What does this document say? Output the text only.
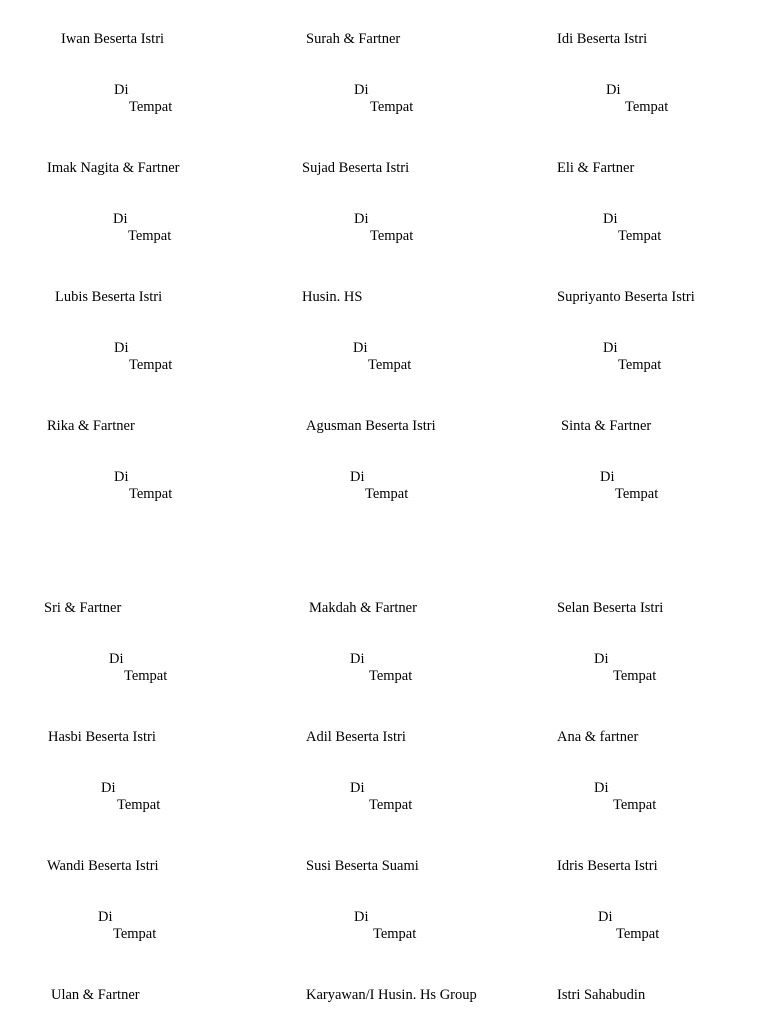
Iwan Beserta Istri
Di
Tempat
Surah & Fartner
Di
Tempat
Idi Beserta Istri
Di
Tempat
Imak Nagita & Fartner
Di
Tempat
Sujad Beserta Istri
Di
Tempat
Eli & Fartner
Di
Tempat
Lubis Beserta Istri
Di
Tempat
Husin. HS
Di
Tempat
Supriyanto Beserta Istri
Di
Tempat
Rika & Fartner
Di
Tempat
Agusman Beserta Istri
Di
Tempat
Sinta & Fartner
Di
Tempat
Sri & Fartner
Di
Tempat
Makdah & Fartner
Di
Tempat
Selan Beserta Istri
Di
Tempat
Hasbi Beserta Istri
Di
Tempat
Adil Beserta Istri
Di
Tempat
Ana & fartner
Di
Tempat
Wandi Beserta Istri
Di
Tempat
Susi Beserta Suami
Di
Tempat
Idris Beserta Istri
Di
Tempat
Ulan & Fartner	Karyawan/I Husin. Hs Group	Istri Sahabudin
